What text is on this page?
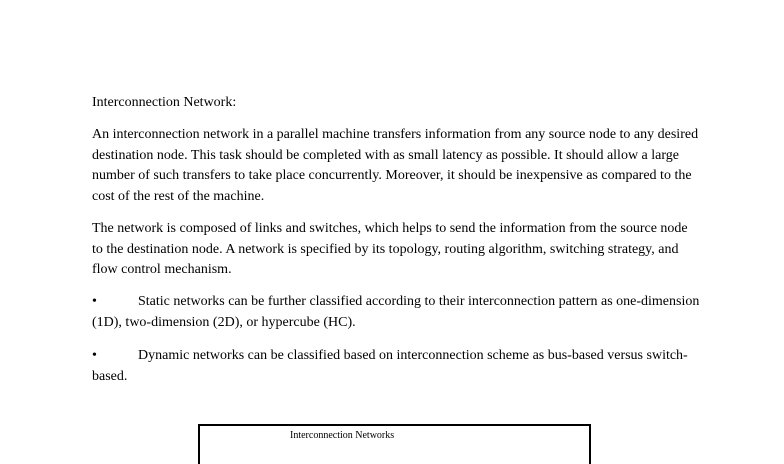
Interconnection Network:
An interconnection network in a parallel machine transfers information from any source node to any desired destination node. This task should be completed with as small latency as possible. It should allow a large number of such transfers to take place concurrently. Moreover, it should be inexpensive as compared to the cost of the rest of the machine.
The network is composed of links and switches, which helps to send the information from the source node to the destination node. A network is specified by its topology, routing algorithm, switching strategy, and flow control mechanism.
•	Static networks can be further classified according to their interconnection pattern as one-dimension (1D), two-dimension (2D), or hypercube (HC).
•	Dynamic networks can be classified based on interconnection scheme as bus-based versus switch-based.
Interconnection Networks
